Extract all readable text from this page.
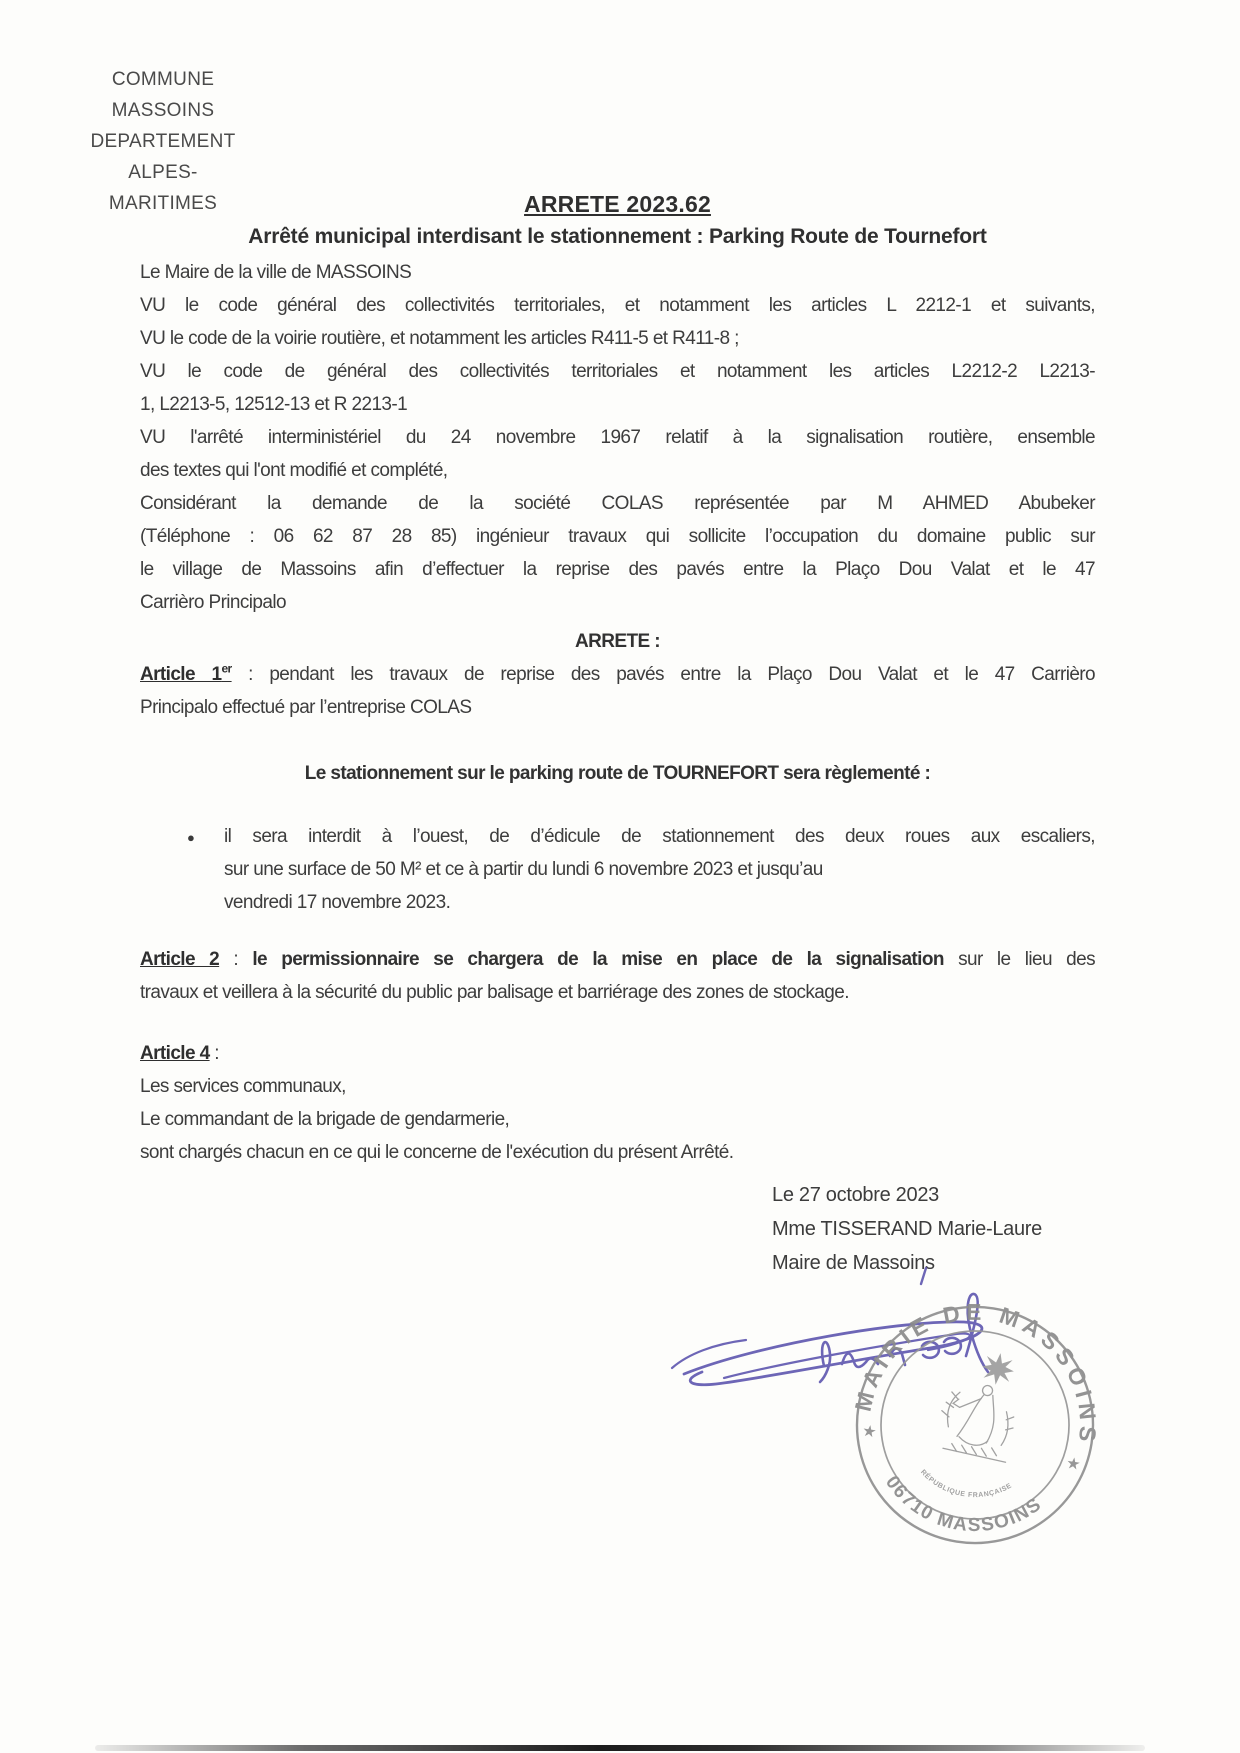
COMMUNE
MASSOINS
DEPARTEMENT
ALPES-MARITIMES	ARRETE 2023.62
Arrêté municipal interdisant le stationnement : Parking Route de Tournefort
Le Maire de la ville de MASSOINS
VU le code général des collectivités territoriales, et notamment les articles L 2212-1 et suivants,
VU le code de la voirie routière, et notamment les articles R411-5 et R411-8 ;
VU le code de général des collectivités territoriales et notamment les articles L2212-2 L2213-
1, L2213-5, 12512-13 et R 2213-1
VU l'arrêté interministériel du 24 novembre 1967 relatif à la signalisation routière, ensemble
des textes qui l'ont modifié et complété,
Considérant la demande de la société COLAS représentée par M AHMED Abubeker
(Téléphone : 06 62 87 28 85) ingénieur travaux qui sollicite l’occupation du domaine public sur
le village de Massoins afin d’effectuer la reprise des pavés entre la Plaço Dou Valat et le 47
Carrièro Principalo
ARRETE :
Article 1er : pendant les travaux de reprise des pavés entre la Plaço Dou Valat et le 47 Carrièro
Principalo effectué par l’entreprise COLAS
Le stationnement sur le parking route de TOURNEFORT sera règlementé :
● il sera interdit à l’ouest, de d’édicule de stationnement des deux roues aux escaliers,
sur une surface de 50 M² et ce à partir du lundi 6 novembre 2023 et jusqu’au
vendredi 17 novembre 2023.
Article 2 : le permissionnaire se chargera de la mise en place de la signalisation sur le lieu des
travaux et veillera à la sécurité du public par balisage et barriérage des zones de stockage.
Article 4 :
Les services communaux,
Le commandant de la brigade de gendarmerie,
sont chargés chacun en ce qui le concerne de l'exécution du présent Arrêté.
Le 27 octobre 2023
Mme TISSERAND Marie-Laure
Maire de Massoins
MAIRIE DE MASSOINS
06710 MASSOINS
★
★
RÉPUBLIQUE FRANÇAISE
